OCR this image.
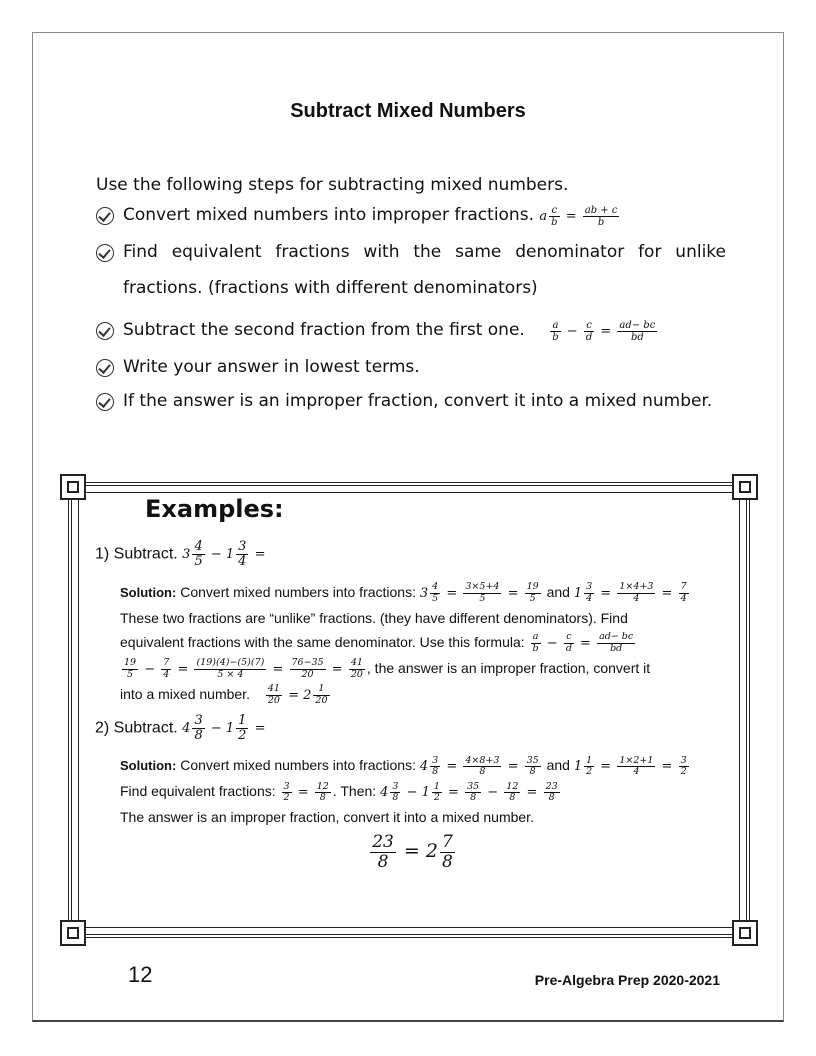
Subtract Mixed Numbers
Use the following steps for subtracting mixed numbers.
Convert mixed numbers into improper fractions. a $\frac{c}{b} = \frac{ab + c}{b}$
Find equivalent fractions with the same denominator for unlike fractions. (fractions with different denominators)
Subtract the second fraction from the first one.	$\frac{a}{b} - \frac{c}{d} = \frac{ad- bc}{bd}$
Write your answer in lowest terms.
If the answer is an improper fraction, convert it into a mixed number.
Examples:
1) Subtract. $3 \frac{4}{5} - 1 \frac{3}{4}$ =
Solution: Convert mixed numbers into fractions: $3 \frac{4}{5} = \frac{3\times 5+4}{5} = \frac{19}{5}$ and $1 \frac{3}{4} = \frac{1\times 4+3}{4} = \frac{7}{4}$
These two fractions are “unlike” fractions. (they have different denominators). Find
equivalent fractions with the same denominator. Use this formula: $\frac{a}{b} - \frac{c}{d} = \frac{ad- bc}{bd}$
$\frac{19}{5} - \frac{7}{4} = \frac{(19)(4)-(5)(7)}{5 \times 4} = \frac{76-35}{20} = \frac{41}{20}$ , the answer is an improper fraction, convert it
into a mixed number. $\frac{41}{20} = 2 \frac{1}{20}$
2) Subtract. $4 \frac{3}{8} - 1 \frac{1}{2}$ =
Solution: Convert mixed numbers into fractions: $4 \frac{3}{8} = \frac{4\times 8+3}{8} = \frac{35}{8}$ and $1 \frac{1}{2} = \frac{1\times 2+1}{4} = \frac{3}{2}$
Find equivalent fractions: $\frac{3}{2} = \frac{12}{8}$ . Then: $4 \frac{3}{8} - 1 \frac{1}{2} = \frac{35}{8} - \frac{12}{8} = \frac{23}{8}$
The answer is an improper fraction, convert it into a mixed number.
$\frac{23}{8} = 2 \frac{7}{8}$
12	Pre-Algebra Prep 2020-2021
